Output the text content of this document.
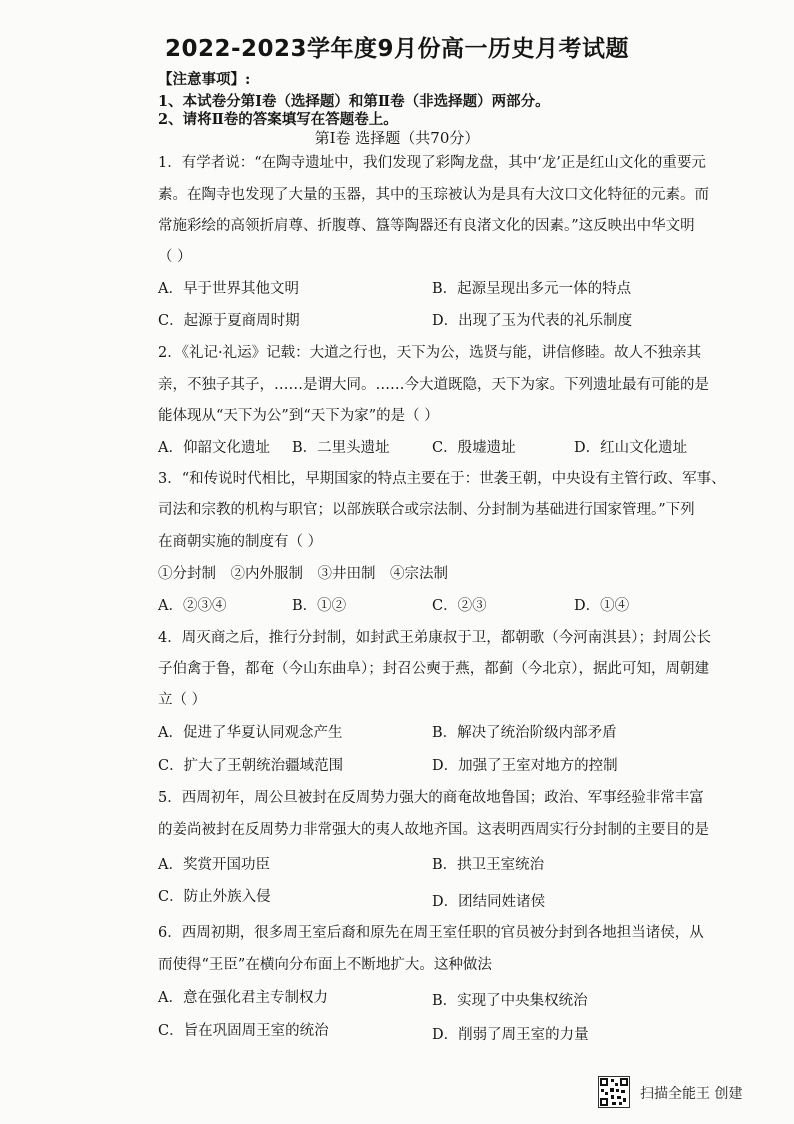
2022-2023学年度9月份高一历史月考试题
【注意事项】:
1、本试卷分第Ⅰ卷（选择题）和第Ⅱ卷（非选择题）两部分。
2、请将Ⅱ卷的答案填写在答题卷上。
第Ⅰ卷 选择题（共70分）
1．有学者说：“在陶寺遗址中，我们发现了彩陶龙盘，其中‘龙’正是红山文化的重要元
素。在陶寺也发现了大量的玉器，其中的玉琮被认为是具有大汶口文化特征的元素。而
常施彩绘的高领折肩尊、折腹尊、簋等陶器还有良渚文化的因素。”这反映出中华文明
（ ）
A．早于世界其他文明	B．起源呈现出多元一体的特点
C．起源于夏商周时期	D．出现了玉为代表的礼乐制度
2．《礼记·礼运》记载：大道之行也，天下为公，选贤与能，讲信修睦。故人不独亲其
亲，不独子其子，……是谓大同。……今大道既隐，天下为家。下列遗址最有可能的是
能体现从“天下为公”到“天下为家”的是（ ）
A．仰韶文化遗址 B．二里头遗址	C．殷墟遗址	D．红山文化遗址
3．“和传说时代相比，早期国家的特点主要在于：世袭王朝，中央设有主管行政、军事、
司法和宗教的机构与职官；以部族联合或宗法制、分封制为基础进行国家管理。”下列
在商朝实施的制度有（ ）
①分封制　②内外服制　③井田制　④宗法制
A．②③④	B．①②	C．②③	D．①④
4．周灭商之后，推行分封制，如封武王弟康叔于卫，都朝歌（今河南淇县）；封周公长
子伯禽于鲁，都奄（今山东曲阜）；封召公奭于燕，都蓟（今北京），据此可知，周朝建
立（ ）
A．促进了华夏认同观念产生	B．解决了统治阶级内部矛盾
C．扩大了王朝统治疆域范围	D．加强了王室对地方的控制
5．西周初年，周公旦被封在反周势力强大的商奄故地鲁国；政治、军事经验非常丰富
的姜尚被封在反周势力非常强大的夷人故地齐国。这表明西周实行分封制的主要目的是
A．奖赏开国功臣	B．拱卫王室统治
C．防止外族入侵	D．团结同姓诸侯
6．西周初期，很多周王室后裔和原先在周王室任职的官员被分封到各地担当诸侯，从
而使得“王臣”在横向分布面上不断地扩大。这种做法
A．意在强化君主专制权力	B．实现了中央集权统治
C．旨在巩固周王室的统治	D．削弱了周王室的力量
扫描全能王 创建
